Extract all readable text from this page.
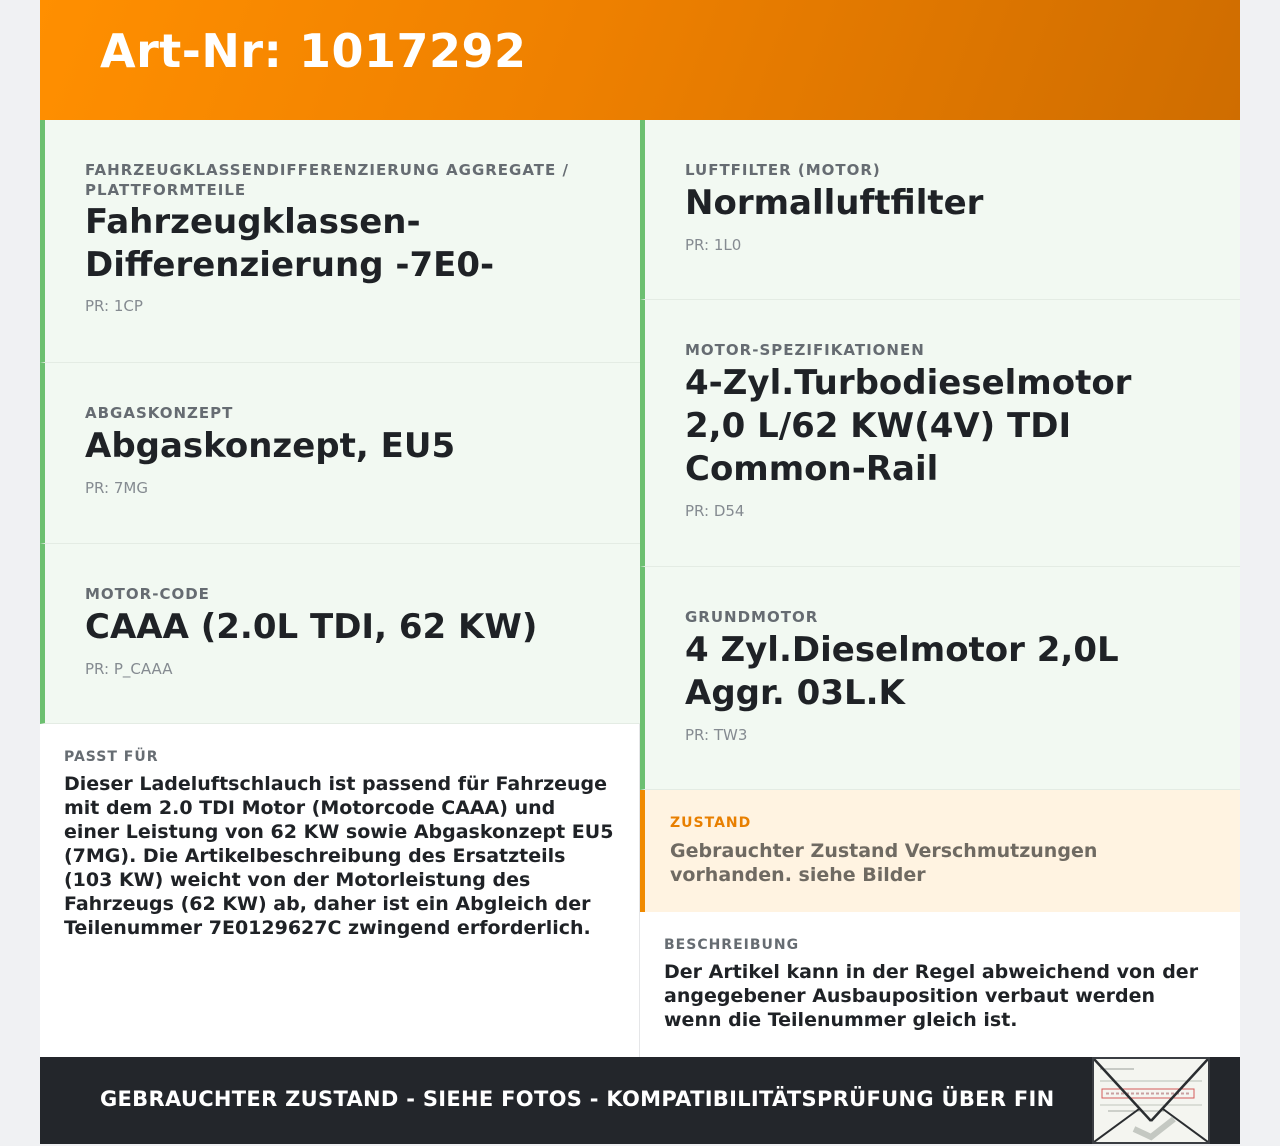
Art-Nr: 1017292
FAHRZEUGKLASSENDIFFERENZIERUNG AGGREGATE / PLATTFORMTEILE
Fahrzeugklassen-Differenzierung -7E0-
PR: 1CP
ABGASKONZEPT
Abgaskonzept, EU5
PR: 7MG
MOTOR-CODE
CAAA (2.0L TDI, 62 KW)
PR: P_CAAA
LUFTFILTER (MOTOR)
Normalluftfilter
PR: 1L0
MOTOR-SPEZIFIKATIONEN
4-Zyl.Turbodieselmotor 2,0 L/62 KW(4V) TDI Common-Rail
PR: D54
GRUNDMOTOR
4 Zyl.Dieselmotor 2,0L Aggr. 03L.K
PR: TW3
PASST FÜR
Dieser Ladeluftschlauch ist passend für Fahrzeuge mit dem 2.0 TDI Motor (Motorcode CAAA) und einer Leistung von 62 KW sowie Abgaskonzept EU5 (7MG). Die Artikelbeschreibung des Ersatzteils (103 KW) weicht von der Motorleistung des Fahrzeugs (62 KW) ab, daher ist ein Abgleich der Teilenummer 7E0129627C zwingend erforderlich.
ZUSTAND
Gebrauchter Zustand Verschmutzungen vorhanden. siehe Bilder
BESCHREIBUNG
Der Artikel kann in der Regel abweichend von der angegebener Ausbauposition verbaut werden wenn die Teilenummer gleich ist.
GEBRAUCHTER ZUSTAND - SIEHE FOTOS - KOMPATIBILITÄTSPRÜFUNG ÜBER FIN
